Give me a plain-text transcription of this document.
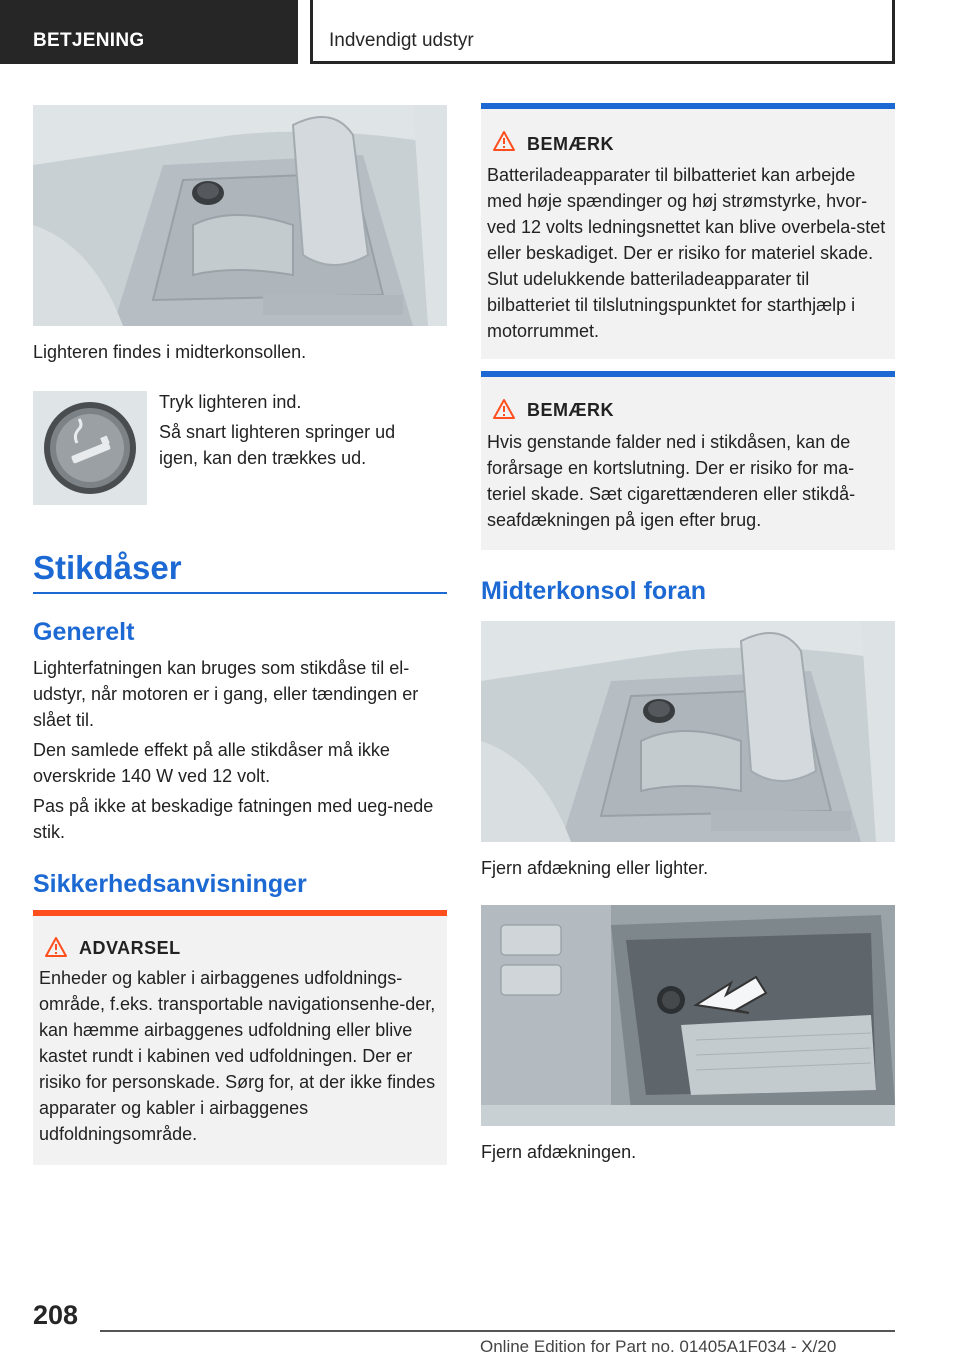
BETJENING	Indvendigt udstyr
Lighteren findes i midterkonsollen.
Tryk lighteren ind.
Så snart lighteren springer ud igen, kan den trækkes ud.
Stikdåser
Generelt
Lighterfatningen kan bruges som stikdåse til el-udstyr, når motoren er i gang, eller tændingen er slået til.
Den samlede effekt på alle stikdåser må ikke overskride 140 W ved 12 volt.
Pas på ikke at beskadige fatningen med ueg-nede stik.
Sikkerhedsanvisninger
ADVARSEL
Enheder og kabler i airbaggenes udfoldnings-område, f.eks. transportable navigationsenhe-der, kan hæmme airbaggenes udfoldning eller blive kastet rundt i kabinen ved udfoldningen. Der er risiko for personskade. Sørg for, at der ikke findes apparater og kabler i airbaggenes udfoldningsområde.
BEMÆRK
Batteriladeapparater til bilbatteriet kan arbejde med høje spændinger og høj strømstyrke, hvor-ved 12 volts ledningsnettet kan blive overbela-stet eller beskadiget. Der er risiko for materiel skade. Slut udelukkende batteriladeapparater til bilbatteriet til tilslutningspunktet for starthjælp i motorrummet.
BEMÆRK
Hvis genstande falder ned i stikdåsen, kan de forårsage en kortslutning. Der er risiko for ma-teriel skade. Sæt cigarettænderen eller stikdå-seafdækningen på igen efter brug.
Midterkonsol foran
Fjern afdækning eller lighter.
Fjern afdækningen.
208
Online Edition for Part no. 01405A1F034 - X/20
